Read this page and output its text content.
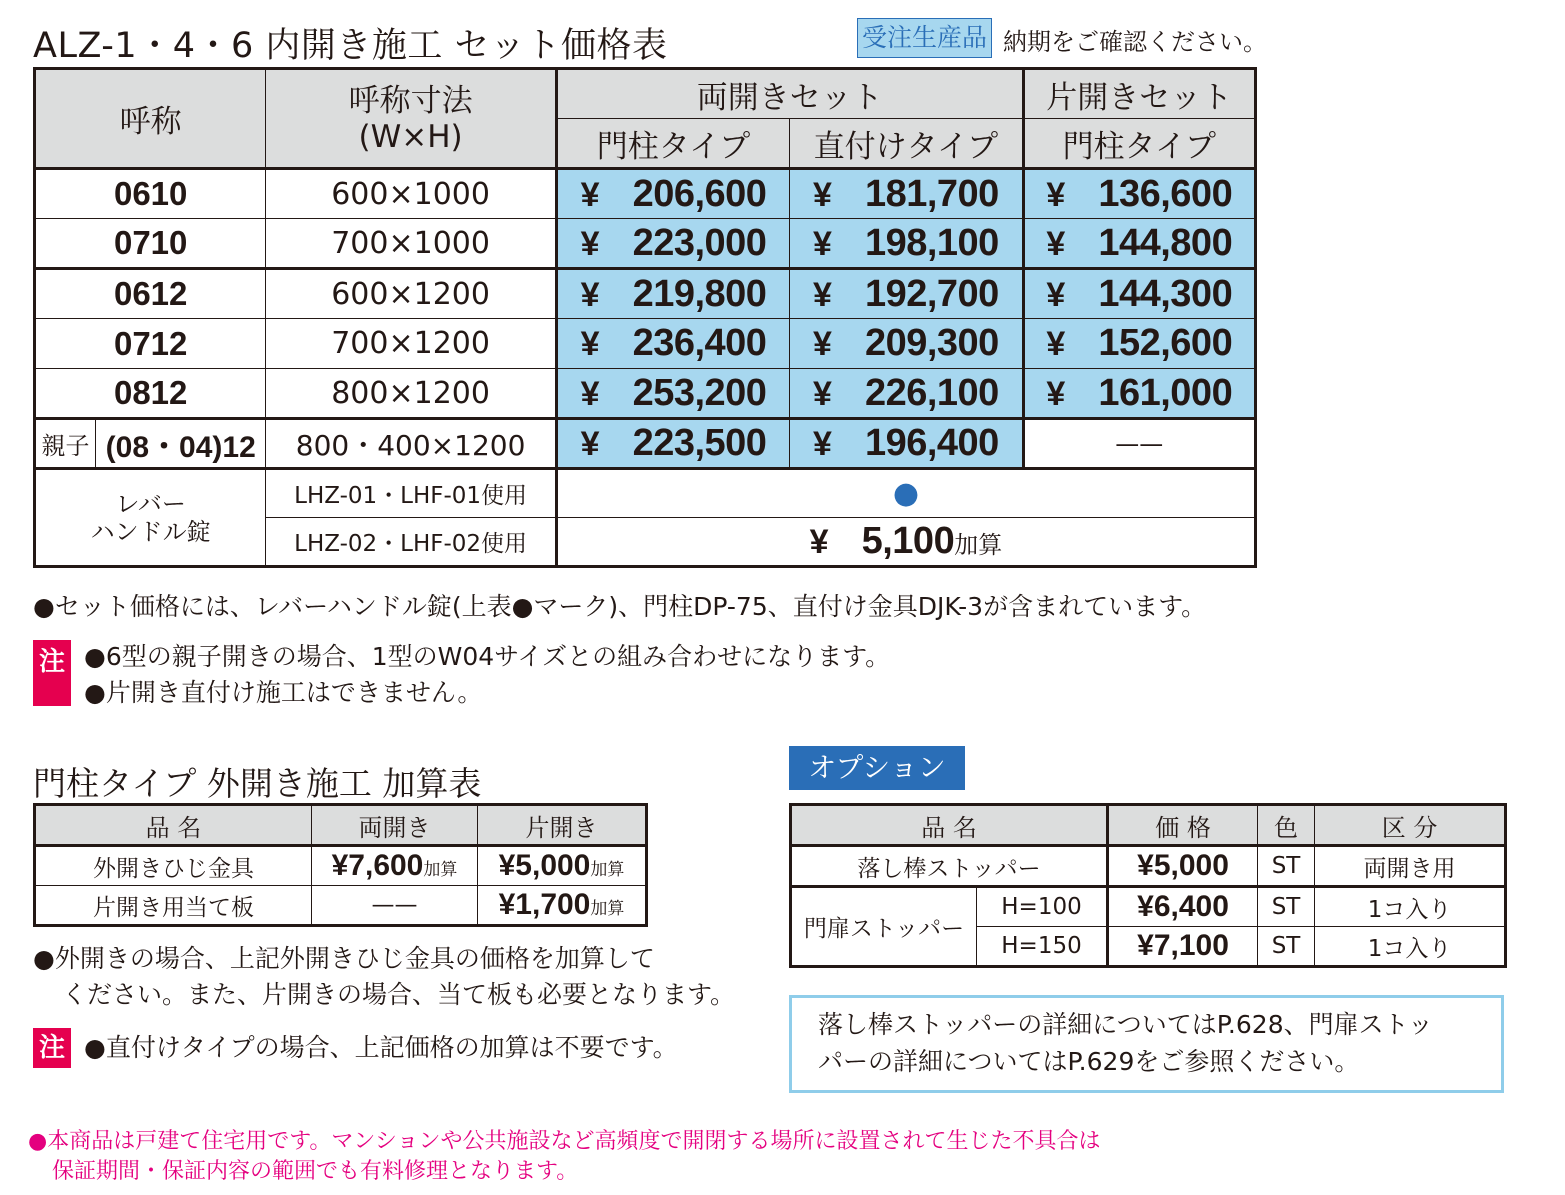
ALZ-1・4・6 内開き施工 セット価格表	受注生産品 納期をご確認ください。
呼称		呼称寸法
(W×H)	両開きセット		片開きセット
			門柱タイプ	直付けタイプ	門柱タイプ
0610		600×1000	¥ 206,600	¥ 181,700	¥ 136,600
0710		700×1000	¥ 223,000	¥ 198,100	¥ 144,800
0612		600×1200	¥ 219,800	¥ 192,700	¥ 144,300
0712		700×1200	¥ 236,400	¥ 209,300	¥ 152,600
0812		800×1200	¥ 253,200	¥ 226,100	¥ 161,000
親子	(08・04)12	800・400×1200	¥ 223,500	¥ 196,400	——

レバー
ハンドル錠		LHZ-01・LHF-01使用	●		
		LHZ-02・LHF-02使用	¥ 5,100加算		
●セット価格には、レバーハンドル錠(上表●マーク)、門柱DP-75、直付け金具DJK-3が含まれています。
注 ●6型の親子開きの場合、1型のW04サイズとの組み合わせになります。
●片開き直付け施工はできません。
門柱タイプ 外開き施工 加算表
品 名	両開き	片開き
外開きひじ金具	¥7,600加算	¥5,000加算
片開き用当て板	——	¥1,700加算
●外開きの場合、上記外開きひじ金具の価格を加算して
ください。また、片開きの場合、当て板も必要となります。
注 ●直付けタイプの場合、上記価格の加算は不要です。
オプション
品 名		価 格	色	区 分
落し棒ストッパー		¥5,000	ST	両開き用
門扉ストッパー	H=100	¥6,400	ST	1コ入り
	H=150	¥7,100	ST	1コ入り
落し棒ストッパーの詳細についてはP.628、門扉ストッ
パーの詳細についてはP.629をご参照ください。
●本商品は戸建て住宅用です。マンションや公共施設など高頻度で開閉する場所に設置されて生じた不具合は
保証期間・保証内容の範囲でも有料修理となります。
